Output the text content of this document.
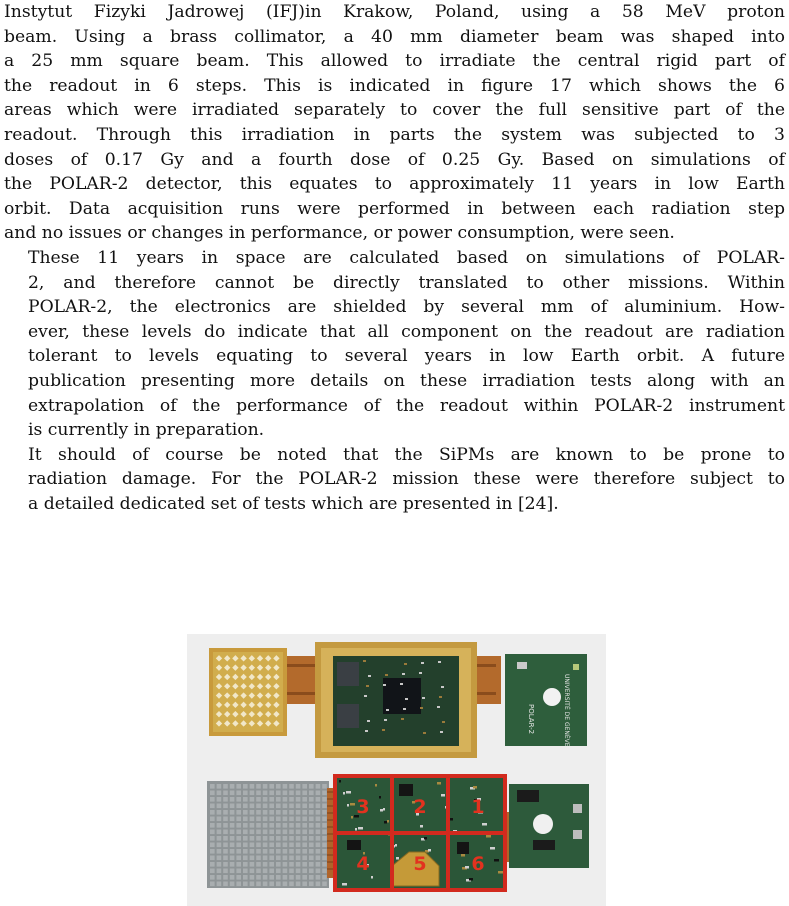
Instytut Fizyki Jadrowej (IFJ)in Krakow, Poland, using a 58 MeV proton
beam. Using a brass collimator, a 40 mm diameter beam was shaped into
a 25 mm square beam. This allowed to irradiate the central rigid part of
the readout in 6 steps. This is indicated in figure 17 which shows the 6
areas which were irradiated separately to cover the full sensitive part of the
readout. Through this irradiation in parts the system was subjected to 3
doses of 0.17 Gy and a fourth dose of 0.25 Gy. Based on simulations of
the POLAR-2 detector, this equates to approximately 11 years in low Earth
orbit. Data acquisition runs were performed in between each radiation step
and no issues or changes in performance, or power consumption, were seen.

These 11 years in space are calculated based on simulations of POLAR-
2, and therefore cannot be directly translated to other missions. Within
POLAR-2, the electronics are shielded by several mm of aluminium. How-
ever, these levels do indicate that all component on the readout are radiation
tolerant to levels equating to several years in low Earth orbit. A future
publication presenting more details on these irradiation tests along with an
extrapolation of the performance of the readout within POLAR-2 instrument
is currently in preparation.

It should of course be noted that the SiPMs are known to be prone to
radiation damage. For the POLAR-2 mission these were therefore subject to
a detailed dedicated set of tests which are presented in [24].

UNIVERSITÉ DE GENÈVE
POLAR-2
1
2
3
4 5 6
